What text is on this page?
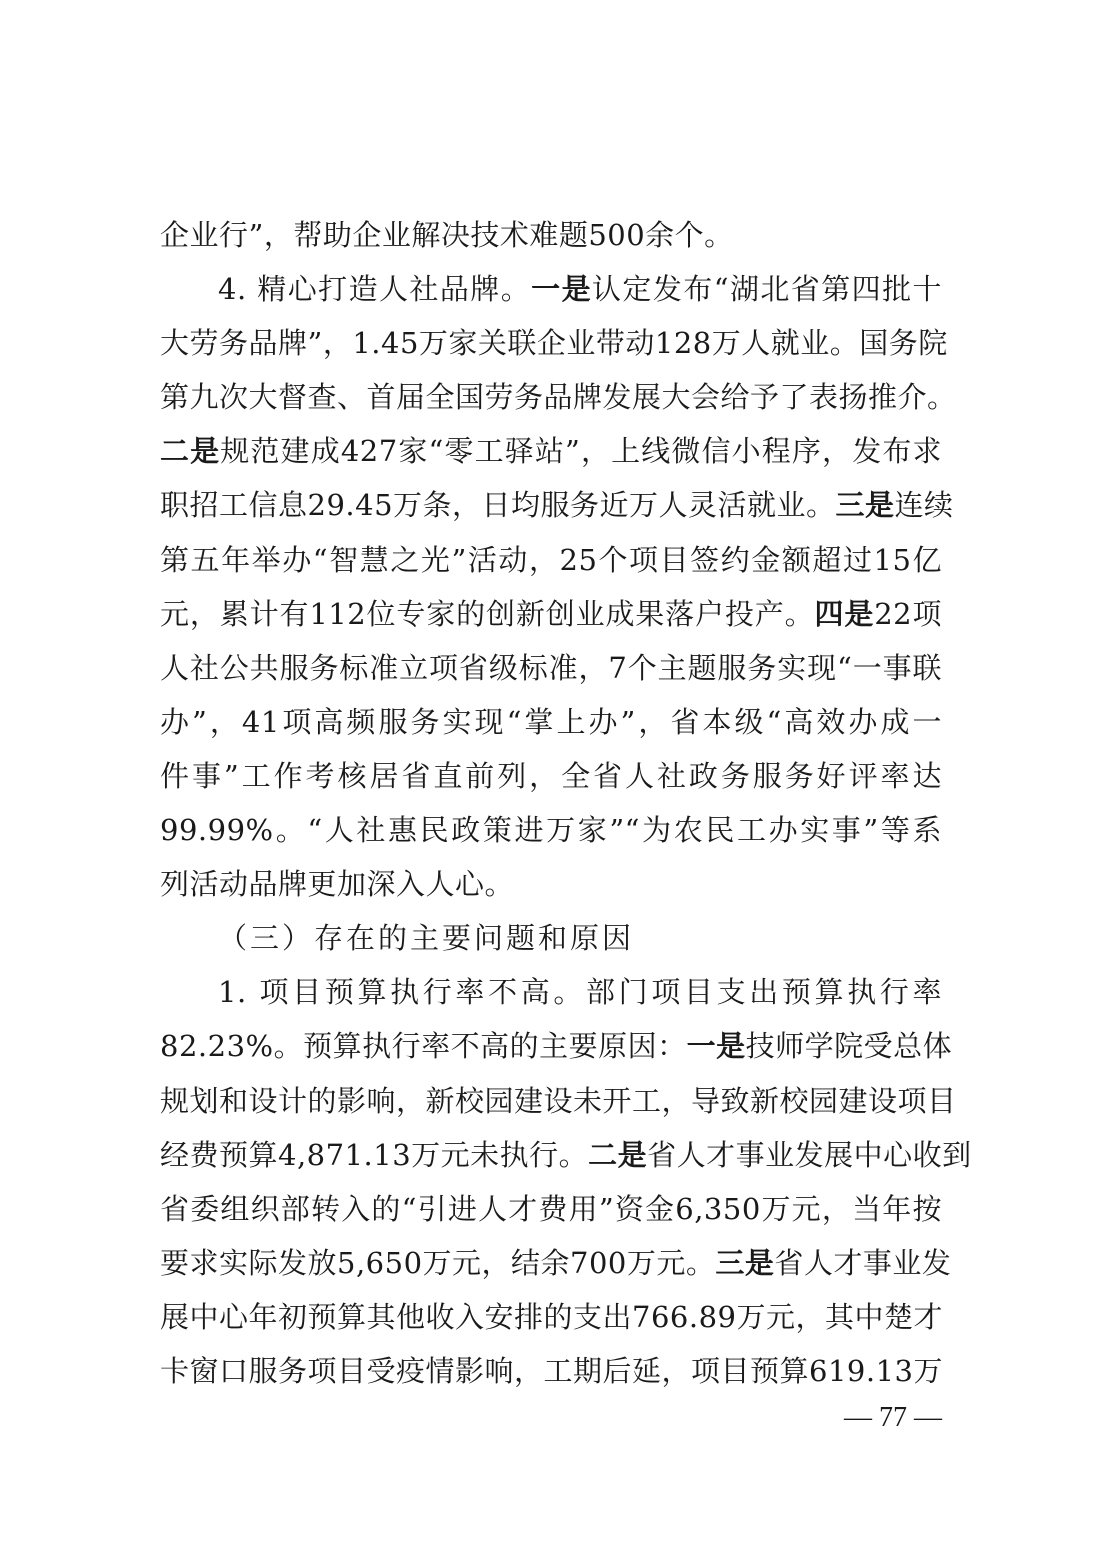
企业行”，帮助企业解决技术难题500余个。
4. 精心打造人社品牌。一是认定发布“湖北省第四批十
大劳务品牌”，1.45万家关联企业带动128万人就业。国务院
第九次大督查、首届全国劳务品牌发展大会给予了表扬推介。
二是规范建成427家“零工驿站”，上线微信小程序，发布求
职招工信息29.45万条，日均服务近万人灵活就业。三是连续
第五年举办“智慧之光”活动，25个项目签约金额超过15亿
元，累计有112位专家的创新创业成果落户投产。四是22项
人社公共服务标准立项省级标准，7个主题服务实现“一事联
办”，41项高频服务实现“掌上办”，省本级“高效办成一
件事”工作考核居省直前列，全省人社政务服务好评率达
99.99%。“人社惠民政策进万家”“为农民工办实事”等系
列活动品牌更加深入人心。
（三）存在的主要问题和原因
1. 项目预算执行率不高。部门项目支出预算执行率
82.23%。预算执行率不高的主要原因：一是技师学院受总体
规划和设计的影响，新校园建设未开工，导致新校园建设项目
经费预算4,871.13万元未执行。二是省人才事业发展中心收到
省委组织部转入的“引进人才费用”资金6,350万元，当年按
要求实际发放5,650万元，结余700万元。三是省人才事业发
展中心年初预算其他收入安排的支出766.89万元，其中楚才
卡窗口服务项目受疫情影响，工期后延，项目预算619.13万
— 77 —
